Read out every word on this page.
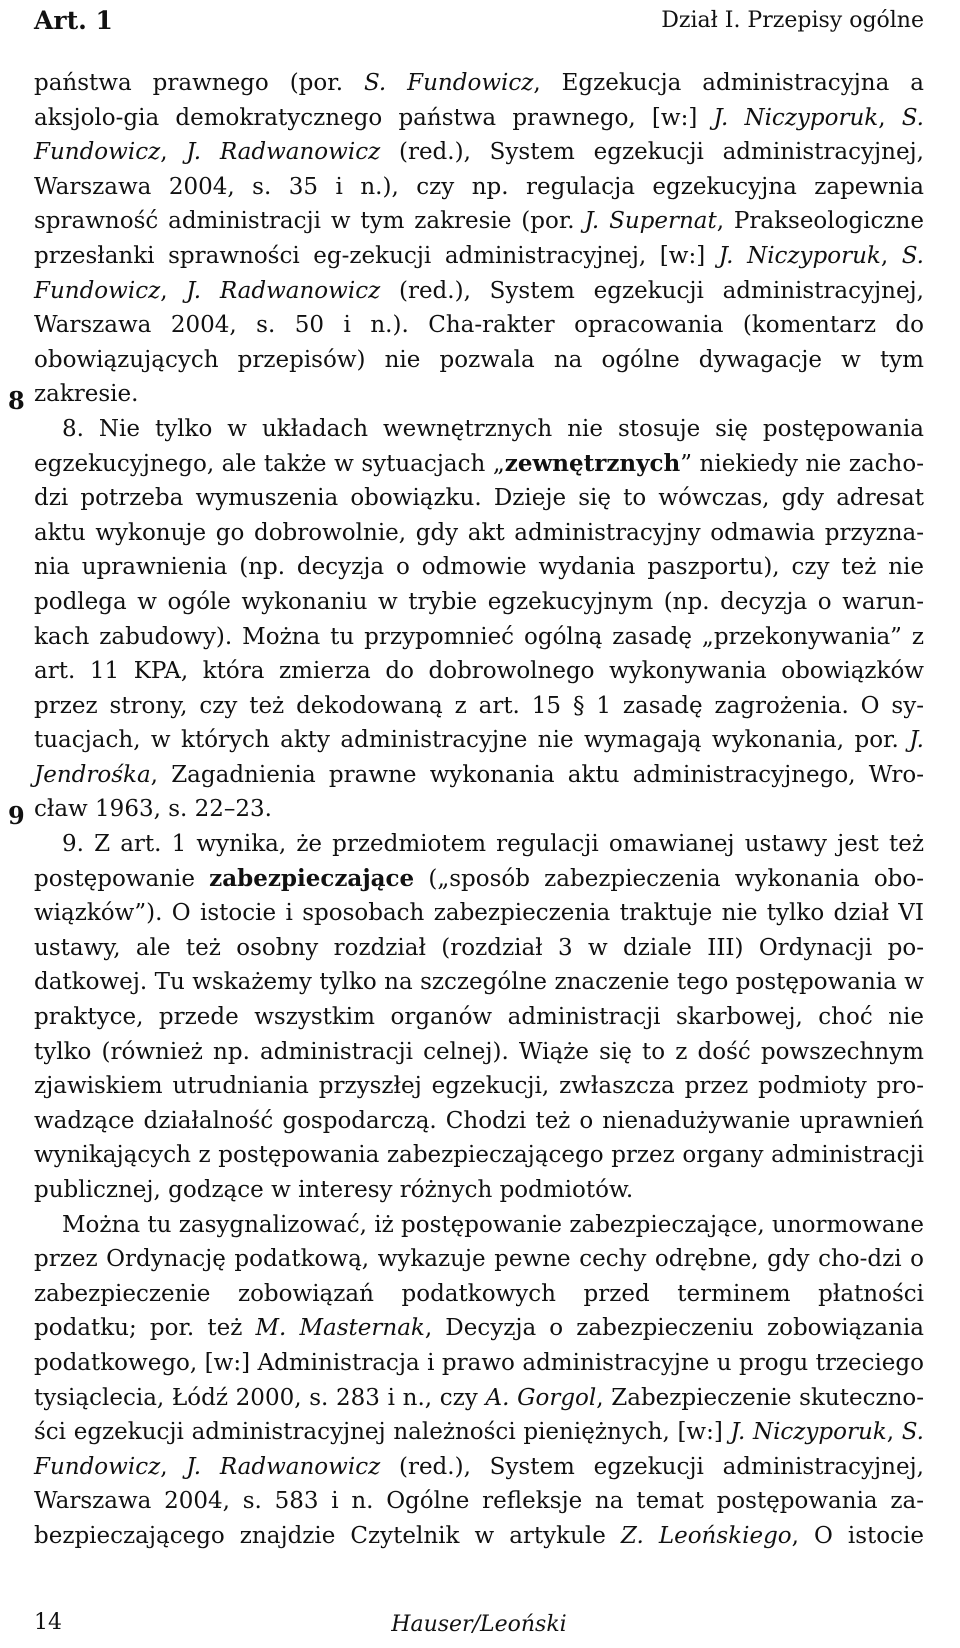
Art. 1	Dział I. Przepisy ogólne
8
9

państwa prawnego (por. S. Fundowicz, Egzekucja administracyjna a aksjolo-gia demokratycznego państwa prawnego, [w:] J. Niczyporuk, S. Fundowicz, J. Radwanowicz (red.), System egzekucji administracyjnej, Warszawa 2004, s. 35 i n.), czy np. regulacja egzekucyjna zapewnia sprawność administracji w tym zakresie (por. J. Supernat, Prakseologiczne przesłanki sprawności eg-zekucji administracyjnej, [w:] J. Niczyporuk, S. Fundowicz, J. Radwanowicz (red.), System egzekucji administracyjnej, Warszawa 2004, s. 50 i n.). Cha-rakter opracowania (komentarz do obowiązujących przepisów) nie pozwala na ogólne dywagacje w tym zakresie.

8. Nie tylko w układach wewnętrznych nie stosuje się postępowania egzekucyjnego, ale także w sytuacjach „zewnętrznych” niekiedy nie zacho-dzi potrzeba wymuszenia obowiązku. Dzieje się to wówczas, gdy adresat aktu wykonuje go dobrowolnie, gdy akt administracyjny odmawia przyzna-nia uprawnienia (np. decyzja o odmowie wydania paszportu), czy też nie podlega w ogóle wykonaniu w trybie egzekucyjnym (np. decyzja o warun-kach zabudowy). Można tu przypomnieć ogólną zasadę „przekonywania” z art. 11 KPA, która zmierza do dobrowolnego wykonywania obowiązków przez strony, czy też dekodowaną z art. 15 § 1 zasadę zagrożenia. O sy-tuacjach, w których akty administracyjne nie wymagają wykonania, por. J. Jendrośka, Zagadnienia prawne wykonania aktu administracyjnego, Wro-cław 1963, s. 22–23.

9. Z art. 1 wynika, że przedmiotem regulacji omawianej ustawy jest też postępowanie zabezpieczające („sposób zabezpieczenia wykonania obo-wiązków”). O istocie i sposobach zabezpieczenia traktuje nie tylko dział VI ustawy, ale też osobny rozdział (rozdział 3 w dziale III) Ordynacji po-datkowej. Tu wskażemy tylko na szczególne znaczenie tego postępowania w praktyce, przede wszystkim organów administracji skarbowej, choć nie tylko (również np. administracji celnej). Wiąże się to z dość powszechnym zjawiskiem utrudniania przyszłej egzekucji, zwłaszcza przez podmioty pro-wadzące działalność gospodarczą. Chodzi też o nienadużywanie uprawnień wynikających z postępowania zabezpieczającego przez organy administracji publicznej, godzące w interesy różnych podmiotów.

Można tu zasygnalizować, iż postępowanie zabezpieczające, unormowane przez Ordynację podatkową, wykazuje pewne cechy odrębne, gdy cho-dzi o zabezpieczenie zobowiązań podatkowych przed terminem płatności podatku; por. też M. Masternak, Decyzja o zabezpieczeniu zobowiązania podatkowego, [w:] Administracja i prawo administracyjne u progu trzeciego tysiąclecia, Łódź 2000, s. 283 i n., czy A. Gorgol, Zabezpieczenie skuteczno-ści egzekucji administracyjnej należności pieniężnych, [w:] J. Niczyporuk, S. Fundowicz, J. Radwanowicz (red.), System egzekucji administracyjnej, Warszawa 2004, s. 583 i n. Ogólne refleksje na temat postępowania za-bezpieczającego znajdzie Czytelnik w artykule Z. Leońskiego, O istocie

14	Hauser/Leoński
